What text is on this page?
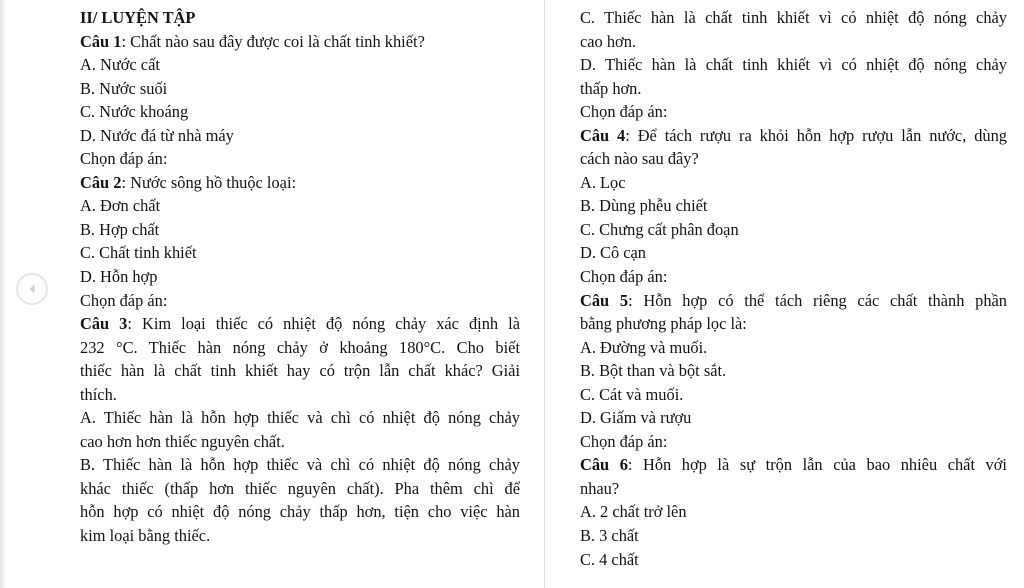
II/ LUYỆN TẬP
Câu 1: Chất nào sau đây được coi là chất tinh khiết?
A. Nước cất
B. Nước suối
C. Nước khoáng
D. Nước đá từ nhà máy
Chọn đáp án:
Câu 2: Nước sông hồ thuộc loại:
A. Đơn chất
B. Hợp chất
C. Chất tinh khiết
D. Hỗn hợp
Chọn đáp án:
Câu 3: Kim loại thiếc có nhiệt độ nóng chảy xác định là
232 °C. Thiếc hàn nóng chảy ở khoảng 180°C. Cho biết
thiếc hàn là chất tinh khiết hay có trộn lẫn chất khác? Giải
thích.
A. Thiếc hàn là hỗn hợp thiếc và chì có nhiệt độ nóng chảy
cao hơn hơn thiếc nguyên chất.
B. Thiếc hàn là hỗn hợp thiếc và chì có nhiệt độ nóng chảy
khác thiếc (thấp hơn thiếc nguyên chất). Pha thêm chì để
hỗn hợp có nhiệt độ nóng chảy thấp hơn, tiện cho việc hàn
kim loại bằng thiếc.
C. Thiếc hàn là chất tinh khiết vì có nhiệt độ nóng chảy
cao hơn.
D. Thiếc hàn là chất tinh khiết vì có nhiệt độ nóng chảy
thấp hơn.
Chọn đáp án:
Câu 4: Để tách rượu ra khỏi hỗn hợp rượu lẫn nước, dùng
cách nào sau đây?
A. Lọc
B. Dùng phễu chiết
C. Chưng cất phân đoạn
D. Cô cạn
Chọn đáp án:
Câu 5: Hỗn hợp có thể tách riêng các chất thành phần
bằng phương pháp lọc là:
A. Đường và muối.
B. Bột than và bột sắt.
C. Cát và muối.
D. Giấm và rượu
Chọn đáp án:
Câu 6: Hỗn hợp là sự trộn lẫn của bao nhiêu chất với
nhau?
A. 2 chất trở lên
B. 3 chất
C. 4 chất
